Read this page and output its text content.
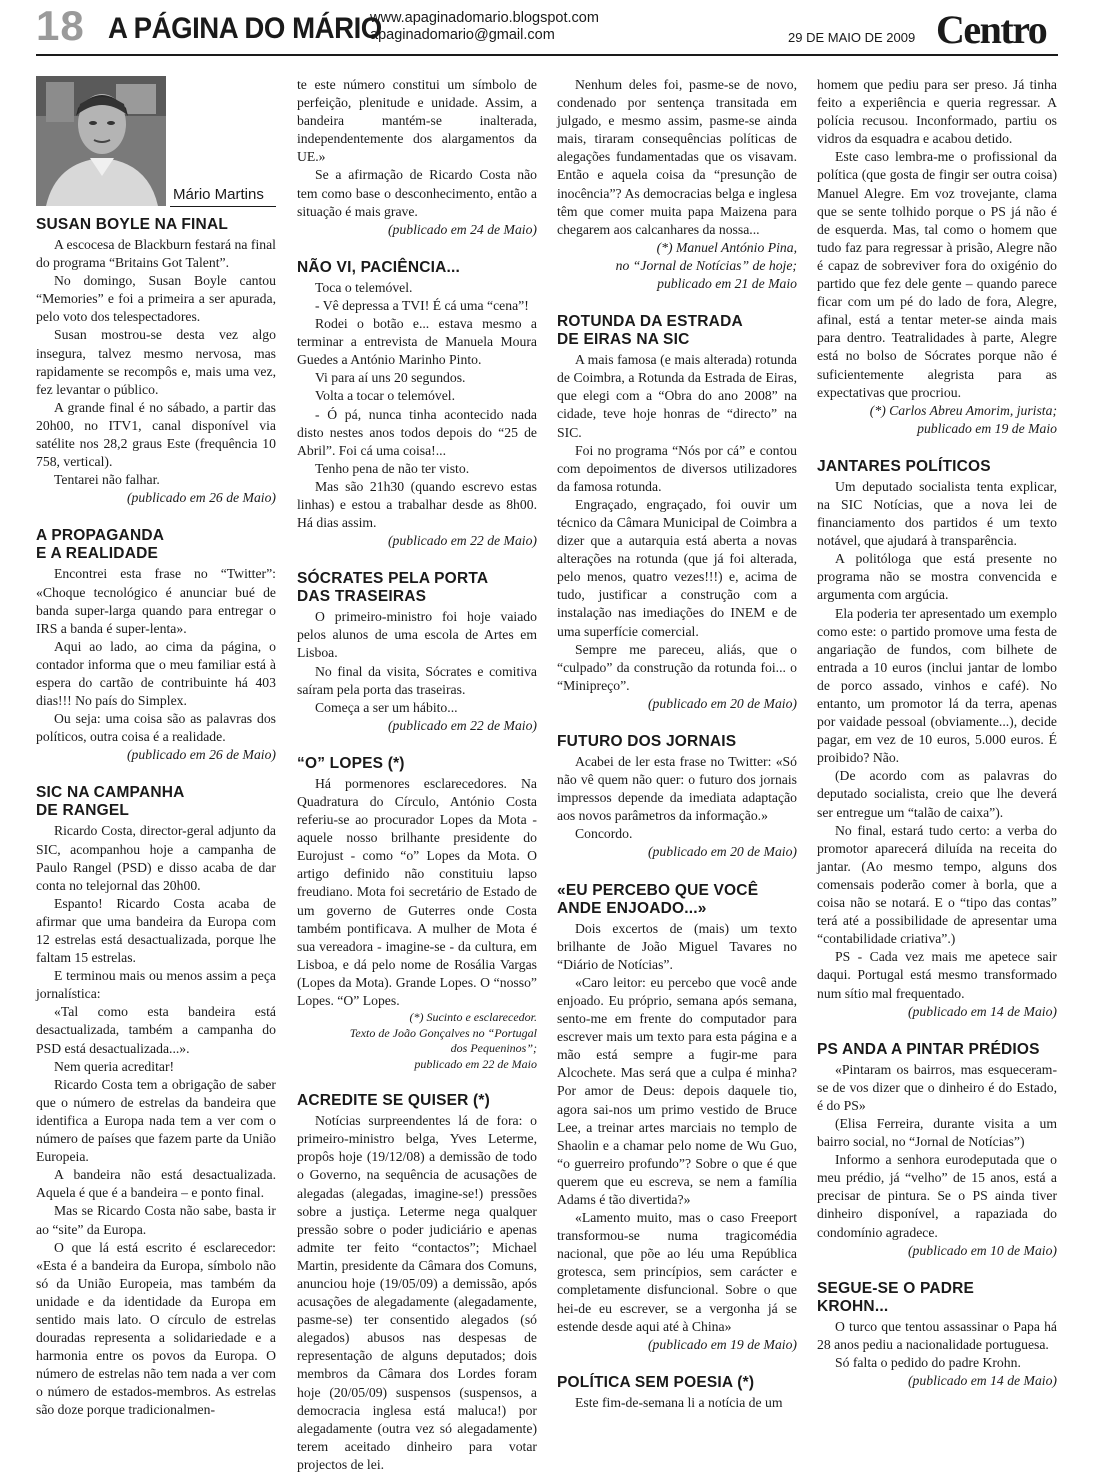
18 A PÁGINA DO MÁRIO
www.apaginadomario.blogspot.com
apaginadomario@gmail.com	29 DE MAIO DE 2009 Centro
Mário Martins
SUSAN BOYLE NA FINAL

A escocesa de Blackburn festará na final do programa “Britains Got Talent”.

No domingo, Susan Boyle cantou “Memories” e foi a primeira a ser apurada, pelo voto dos telespectadores.

Susan mostrou-se desta vez algo insegura, talvez mesmo nervosa, mas rapidamente se recompôs e, mais uma vez, fez levantar o público.

A grande final é no sábado, a partir das 20h00, no ITV1, canal disponível via satélite nos 28,2 graus Este (frequência 10 758, vertical).

Tentarei não falhar.

(publicado em 26 de Maio)

A PROPAGANDA
E A REALIDADE

Encontrei esta frase no “Twitter”: «Choque tecnológico é anunciar bué de banda super-larga quando para entregar o IRS a banda é super-lenta».

Aqui ao lado, ao cima da página, o contador informa que o meu familiar está à espera do cartão de contribuinte há 403 dias!!! No país do Simplex.

Ou seja: uma coisa são as palavras dos políticos, outra coisa é a realidade.

(publicado em 26 de Maio)

SIC NA CAMPANHA
DE RANGEL

Ricardo Costa, director-geral adjunto da SIC, acompanhou hoje a campanha de Paulo Rangel (PSD) e disso acaba de dar conta no telejornal das 20h00.

Espanto! Ricardo Costa acaba de afirmar que uma bandeira da Europa com 12 estrelas está desactualizada, porque lhe faltam 15 estrelas.

E terminou mais ou menos assim a peça jornalística:

«Tal como esta bandeira está desactualizada, também a campanha do PSD está desactualizada...».

Nem queria acreditar!

Ricardo Costa tem a obrigação de saber que o número de estrelas da bandeira que identifica a Europa nada tem a ver com o número de países que fazem parte da União Europeia.

A bandeira não está desactualizada. Aquela é que é a bandeira – e ponto final.

Mas se Ricardo Costa não sabe, basta ir ao “site” da Europa.

O que lá está escrito é esclarecedor: «Esta é a bandeira da Europa, símbolo não só da União Europeia, mas também da unidade e da identidade da Europa em sentido mais lato. O círculo de estrelas douradas representa a solidariedade e a harmonia entre os povos da Europa. O número de estrelas não tem nada a ver com o número de estados-membros. As estrelas são doze porque tradicionalmen-

te este número constitui um símbolo de perfeição, plenitude e unidade. Assim, a bandeira mantém-se inalterada, independentemente dos alargamentos da UE.»

Se a afirmação de Ricardo Costa não tem como base o desconhecimento, então a situação é mais grave.

(publicado em 24 de Maio)

NÃO VI, PACIÊNCIA...

Toca o telemóvel.

- Vê depressa a TVI! É cá uma “cena”!

Rodei o botão e... estava mesmo a terminar a entrevista de Manuela Moura Guedes a António Marinho Pinto.

Vi para aí uns 20 segundos.

Volta a tocar o telemóvel.

- Ó pá, nunca tinha acontecido nada disto nestes anos todos depois do “25 de Abril”. Foi cá uma coisa!...

Tenho pena de não ter visto.

Mas são 21h30 (quando escrevo estas linhas) e estou a trabalhar desde as 8h00. Há dias assim.

(publicado em 22 de Maio)

SÓCRATES PELA PORTA
DAS TRASEIRAS

O primeiro-ministro foi hoje vaiado pelos alunos de uma escola de Artes em Lisboa.

No final da visita, Sócrates e comitiva saíram pela porta das traseiras.

Começa a ser um hábito...

(publicado em 22 de Maio)

“O” LOPES (*)

Há pormenores esclarecedores. Na Quadratura do Círculo, António Costa referiu-se ao procurador Lopes da Mota - aquele nosso brilhante presidente do Eurojust - como “o” Lopes da Mota. O artigo definido não constituiu lapso freudiano. Mota foi secretário de Estado de um governo de Guterres onde Costa também pontificava. A mulher de Mota é sua vereadora - imagine-se - da cultura, em Lisboa, e dá pelo nome de Rosália Vargas (Lopes da Mota). Grande Lopes. O “nosso” Lopes. “O” Lopes.

(*) Sucinto e esclarecedor.

Texto de João Gonçalves no “Portugal

dos Pequeninos”;

publicado em 22 de Maio

ACREDITE SE QUISER (*)

Notícias surpreendentes lá de fora: o primeiro-ministro belga, Yves Leterme, propôs hoje (19/12/08) a demissão de todo o Governo, na sequência de acusações de alegadas (alegadas, imagine-se!) pressões sobre a justiça. Leterme nega qualquer pressão sobre o poder judiciário e apenas admite ter feito “contactos”; Michael Martin, presidente da Câmara dos Comuns, anunciou hoje (19/05/09) a demissão, após acusações de alegadamente (alegadamente, pasme-se) ter consentido alegados (só alegados) abusos nas despesas de representação de alguns deputados; dois membros da Câmara dos Lordes foram hoje (20/05/09) suspensos (suspensos, a democracia inglesa está maluca!) por alegadamente (outra vez só alegadamente) terem aceitado dinheiro para votar projectos de lei.

Nenhum deles foi, pasme-se de novo, condenado por sentença transitada em julgado, e mesmo assim, pasme-se ainda mais, tiraram consequências políticas de alegações fundamentadas que os visavam. Então e aquela coisa da “presunção de inocência”? As democracias belga e inglesa têm que comer muita papa Maizena para chegarem aos calcanhares da nossa...

(*) Manuel António Pina,

no “Jornal de Notícias” de hoje;

publicado em 21 de Maio

ROTUNDA DA ESTRADA
DE EIRAS NA SIC

A mais famosa (e mais alterada) rotunda de Coimbra, a Rotunda da Estrada de Eiras, que elegi com a “Obra do ano 2008” na cidade, teve hoje honras de “directo” na SIC.

Foi no programa “Nós por cá” e contou com depoimentos de diversos utilizadores da famosa rotunda.

Engraçado, engraçado, foi ouvir um técnico da Câmara Municipal de Coimbra a dizer que a autarquia está aberta a novas alterações na rotunda (que já foi alterada, pelo menos, quatro vezes!!!) e, acima de tudo, justificar a construção com a instalação nas imediações do INEM e de uma superfície comercial.

Sempre me pareceu, aliás, que o “culpado” da construção da rotunda foi... o “Minipreço”.

(publicado em 20 de Maio)

FUTURO DOS JORNAIS

Acabei de ler esta frase no Twitter: «Só não vê quem não quer: o futuro dos jornais impressos depende da imediata adaptação aos novos parâmetros da informação.»

Concordo.

(publicado em 20 de Maio)

«EU PERCEBO QUE VOCÊ
ANDE ENJOADO...»

Dois excertos de (mais) um texto brilhante de João Miguel Tavares no “Diário de Notícias”.

«Caro leitor: eu percebo que você ande enjoado. Eu próprio, semana após semana, sento-me em frente do computador para escrever mais um texto para esta página e a mão está sempre a fugir-me para Alcochete. Mas será que a culpa é minha? Por amor de Deus: depois daquele tio, agora sai-nos um primo vestido de Bruce Lee, a treinar artes marciais no templo de Shaolin e a chamar pelo nome de Wu Guo, “o guerreiro profundo”? Sobre o que é que querem que eu escreva, se nem a família Adams é tão divertida?»

«Lamento muito, mas o caso Freeport transformou-se numa tragicomédia nacional, que põe ao léu uma República grotesca, sem princípios, sem carácter e completamente disfuncional. Sobre o que hei-de eu escrever, se a vergonha já se estende desde aqui até à China»

(publicado em 19 de Maio)

POLÍTICA SEM POESIA (*)

Este fim-de-semana li a notícia de um

homem que pediu para ser preso. Já tinha feito a experiência e queria regressar. A polícia recusou. Inconformado, partiu os vidros da esquadra e acabou detido.

Este caso lembra-me o profissional da política (que gosta de fingir ser outra coisa) Manuel Alegre. Em voz trovejante, clama que se sente tolhido porque o PS já não é de esquerda. Mas, tal como o homem que tudo faz para regressar à prisão, Alegre não é capaz de sobreviver fora do oxigénio do partido que fez dele gente – quando parece ficar com um pé do lado de fora, Alegre, afinal, está a tentar meter-se ainda mais para dentro. Teatralidades à parte, Alegre está no bolso de Sócrates porque não é suficientemente alegrista para as expectativas que procriou.

(*) Carlos Abreu Amorim, jurista;

publicado em 19 de Maio

JANTARES POLÍTICOS

Um deputado socialista tenta explicar, na SIC Notícias, que a nova lei de financiamento dos partidos é um texto notável, que ajudará à transparência.

A politóloga que está presente no programa não se mostra convencida e argumenta com argúcia.

Ela poderia ter apresentado um exemplo como este: o partido promove uma festa de angariação de fundos, com bilhete de entrada a 10 euros (inclui jantar de lombo de porco assado, vinhos e café). No entanto, um promotor lá da terra, apenas por vaidade pessoal (obviamente...), decide pagar, em vez de 10 euros, 5.000 euros. É proibido? Não.

(De acordo com as palavras do deputado socialista, creio que lhe deverá ser entregue um “talão de caixa”).

No final, estará tudo certo: a verba do promotor aparecerá diluída na receita do jantar. (Ao mesmo tempo, alguns dos comensais poderão comer à borla, que a coisa não se notará. E o “tipo das contas” terá até a possibilidade de apresentar uma “contabilidade criativa”.)

PS - Cada vez mais me apetece sair daqui. Portugal está mesmo transformado num sítio mal frequentado.

(publicado em 14 de Maio)

PS ANDA A PINTAR PRÉDIOS

«Pintaram os bairros, mas esqueceram-se de vos dizer que o dinheiro é do Estado, é do PS»

(Elisa Ferreira, durante visita a um bairro social, no “Jornal de Notícias”)

Informo a senhora eurodeputada que o meu prédio, já “velho” de 15 anos, está a precisar de pintura. Se o PS ainda tiver dinheiro disponível, a rapaziada do condomínio agradece.

(publicado em 10 de Maio)

SEGUE-SE O PADRE
KROHN...

O turco que tentou assassinar o Papa há 28 anos pediu a nacionalidade portuguesa.

Só falta o pedido do padre Krohn.

(publicado em 14 de Maio)
